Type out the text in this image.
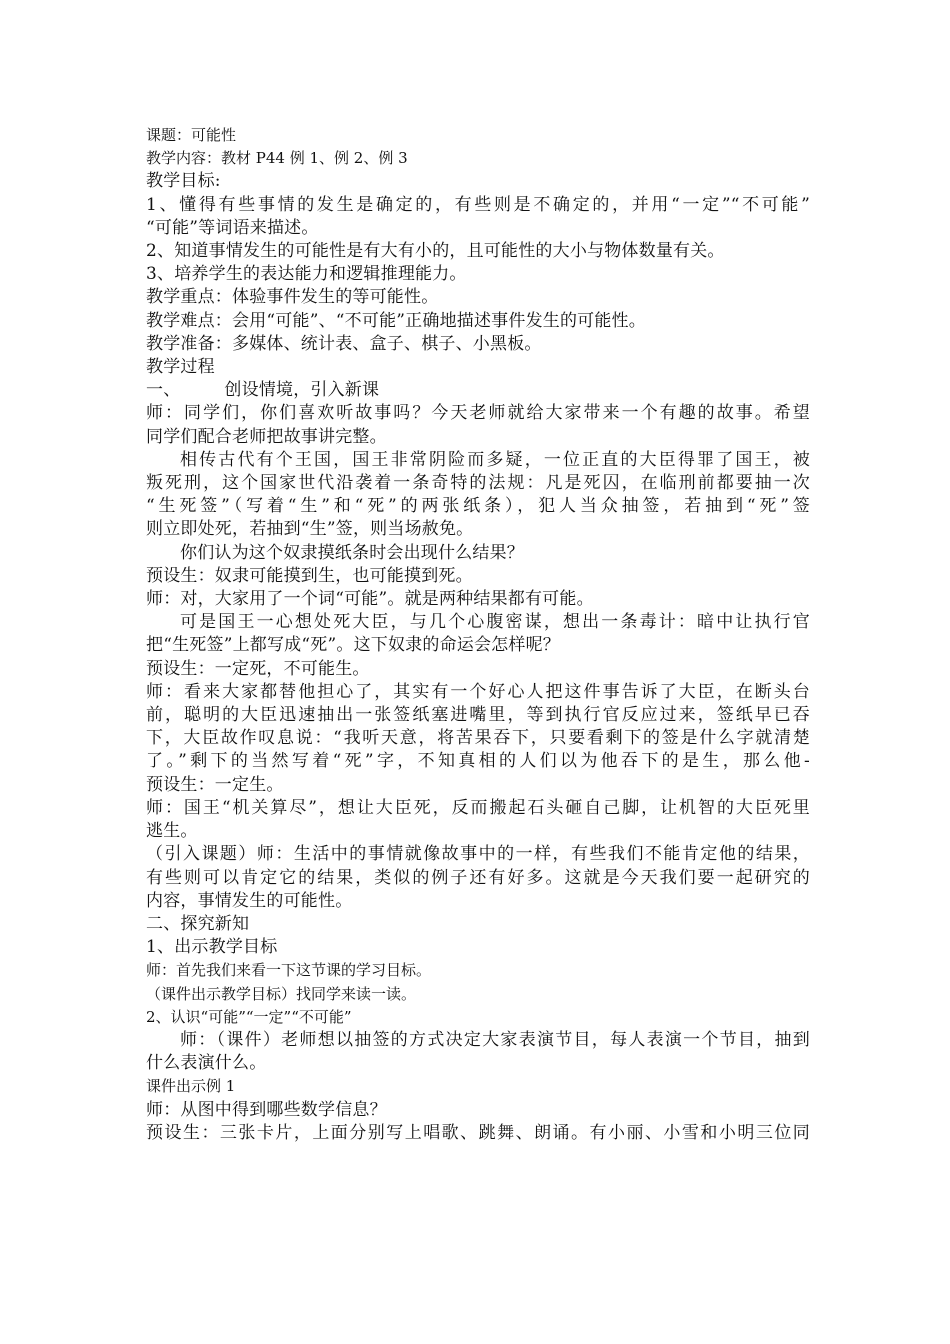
课题：可能性
教学内容：教材 P44 例 1、例 2、例 3
教学目标:
1、懂得有些事情的发生是确定的，有些则是不确定的，并用“一定”“不可能”
“可能”等词语来描述。
2、知道事情发生的可能性是有大有小的，且可能性的大小与物体数量有关。
3、培养学生的表达能力和逻辑推理能力。
教学重点：体验事件发生的等可能性。
教学难点：会用“可能”、“不可能”正确地描述事件发生的可能性。
教学准备：多媒体、统计表、盒子、棋子、小黑板。
教学过程
一、	创设情境，引入新课
师：同学们，你们喜欢听故事吗？今天老师就给大家带来一个有趣的故事。希望
同学们配合老师把故事讲完整。
相传古代有个王国，国王非常阴险而多疑，一位正直的大臣得罪了国王，被
叛死刑，这个国家世代沿袭着一条奇特的法规：凡是死囚，在临刑前都要抽一次
“生死签”（写着“生”和“死”的两张纸条），犯人当众抽签，若抽到“死”签
则立即处死，若抽到“生”签，则当场赦免。
你们认为这个奴隶摸纸条时会出现什么结果？
预设生：奴隶可能摸到生，也可能摸到死。
师：对，大家用了一个词“可能”。就是两种结果都有可能。
可是国王一心想处死大臣，与几个心腹密谋，想出一条毒计：暗中让执行官
把“生死签”上都写成“死”。这下奴隶的命运会怎样呢？
预设生：一定死，不可能生。
师：看来大家都替他担心了，其实有一个好心人把这件事告诉了大臣，在断头台
前，聪明的大臣迅速抽出一张签纸塞进嘴里，等到执行官反应过来，签纸早已吞
下，大臣故作叹息说：“我听天意，将苦果吞下，只要看剩下的签是什么字就清楚
了。”剩下的当然写着“死”字，不知真相的人们以为他吞下的是生，那么他-
预设生：一定生。
师：国王“机关算尽”，想让大臣死，反而搬起石头砸自己脚，让机智的大臣死里
逃生。
（引入课题）师：生活中的事情就像故事中的一样，有些我们不能肯定他的结果，
有些则可以肯定它的结果，类似的例子还有好多。这就是今天我们要一起研究的
内容，事情发生的可能性。
二、探究新知
1、出示教学目标
师：首先我们来看一下这节课的学习目标。
（课件出示教学目标）找同学来读一读。
2、认识“可能”“一定”“不可能”
师：（课件）老师想以抽签的方式决定大家表演节目，每人表演一个节目，抽到
什么表演什么。
课件出示例 1
师：从图中得到哪些数学信息？
预设生：三张卡片，上面分别写上唱歌、跳舞、朗诵。有小丽、小雪和小明三位同
